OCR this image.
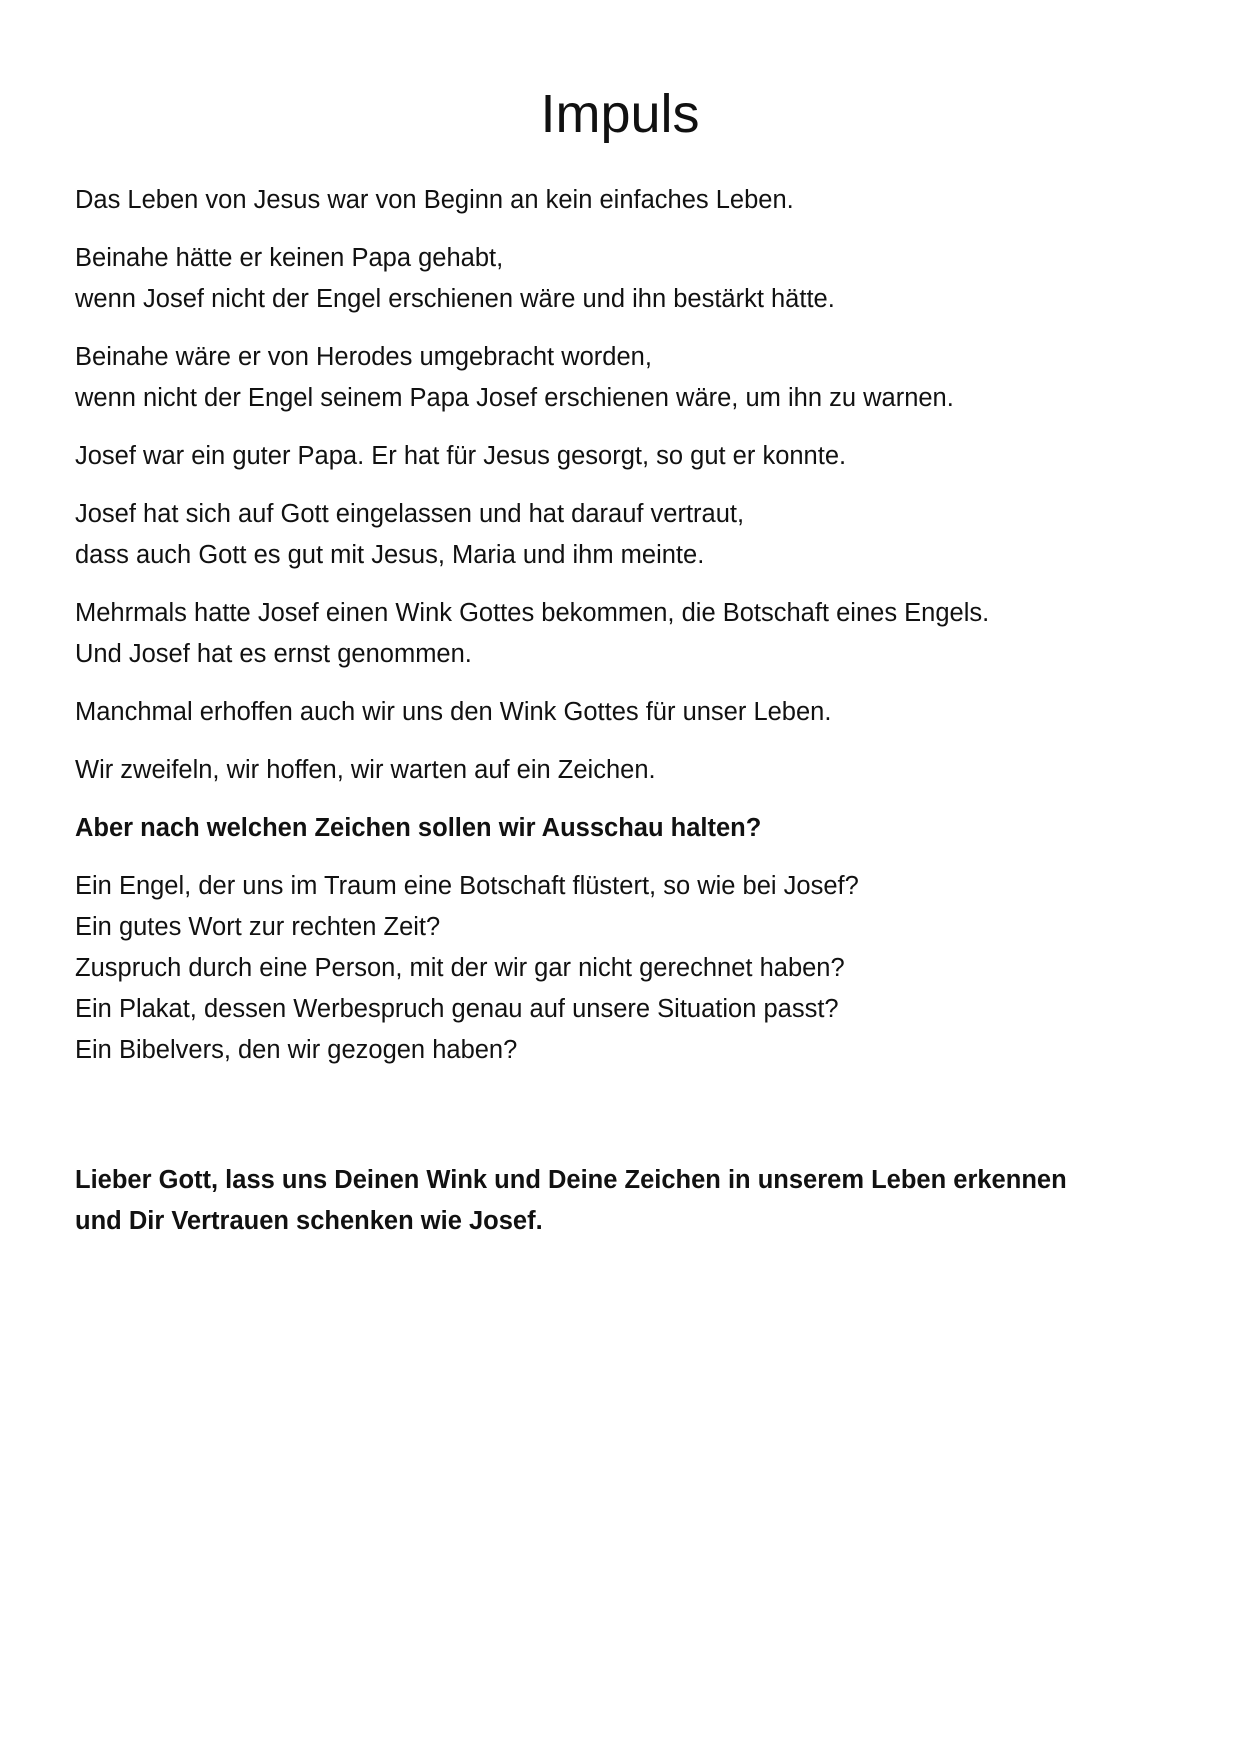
Impuls

Das Leben von Jesus war von Beginn an kein einfaches Leben.

Beinahe hätte er keinen Papa gehabt,
wenn Josef nicht der Engel erschienen wäre und ihn bestärkt hätte.

Beinahe wäre er von Herodes umgebracht worden,
wenn nicht der Engel seinem Papa Josef erschienen wäre, um ihn zu warnen.

Josef war ein guter Papa. Er hat für Jesus gesorgt, so gut er konnte.

Josef hat sich auf Gott eingelassen und hat darauf vertraut,
dass auch Gott es gut mit Jesus, Maria und ihm meinte.

Mehrmals hatte Josef einen Wink Gottes bekommen, die Botschaft eines Engels.
Und Josef hat es ernst genommen.

Manchmal erhoffen auch wir uns den Wink Gottes für unser Leben.

Wir zweifeln, wir hoffen, wir warten auf ein Zeichen.

Aber nach welchen Zeichen sollen wir Ausschau halten?

Ein Engel, der uns im Traum eine Botschaft flüstert, so wie bei Josef?
Ein gutes Wort zur rechten Zeit?
Zuspruch durch eine Person, mit der wir gar nicht gerechnet haben?
Ein Plakat, dessen Werbespruch genau auf unsere Situation passt?
Ein Bibelvers, den wir gezogen haben?

Lieber Gott, lass uns Deinen Wink und Deine Zeichen in unserem Leben erkennen
und Dir Vertrauen schenken wie Josef.
